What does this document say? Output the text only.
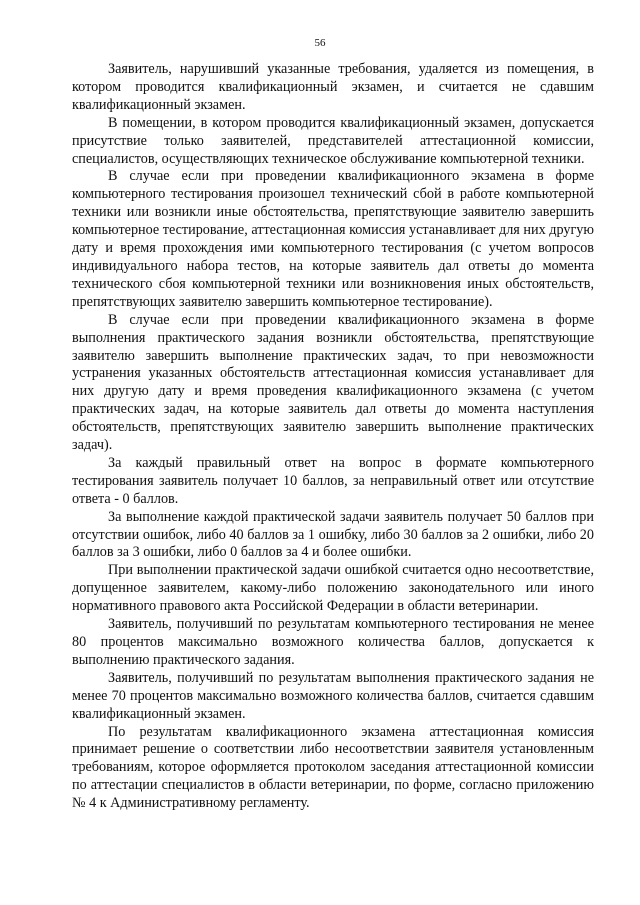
56

Заявитель, нарушивший указанные требования, удаляется из помещения, в котором проводится квалификационный экзамен, и считается не сдавшим квалификационный экзамен.

В помещении, в котором проводится квалификационный экзамен, допускается присутствие только заявителей, представителей аттестационной комиссии, специалистов, осуществляющих техническое обслуживание компьютерной техники.

В случае если при проведении квалификационного экзамена в форме компьютерного тестирования произошел технический сбой в работе компьютерной техники или возникли иные обстоятельства, препятствующие заявителю завершить компьютерное тестирование, аттестационная комиссия устанавливает для них другую дату и время прохождения ими компьютерного тестирования (с учетом вопросов индивидуального набора тестов, на которые заявитель дал ответы до момента технического сбоя компьютерной техники или возникновения иных обстоятельств, препятствующих заявителю завершить компьютерное тестирование).

В случае если при проведении квалификационного экзамена в форме выполнения практического задания возникли обстоятельства, препятствующие заявителю завершить выполнение практических задач, то при невозможности устранения указанных обстоятельств аттестационная комиссия устанавливает для них другую дату и время проведения квалификационного экзамена (с учетом практических задач, на которые заявитель дал ответы до момента наступления обстоятельств, препятствующих заявителю завершить выполнение практических задач).

За каждый правильный ответ на вопрос в формате компьютерного тестирования заявитель получает 10 баллов, за неправильный ответ или отсутствие ответа - 0 баллов.

За выполнение каждой практической задачи заявитель получает 50 баллов при отсутствии ошибок, либо 40 баллов за 1 ошибку, либо 30 баллов за 2 ошибки, либо 20 баллов за 3 ошибки, либо 0 баллов за 4 и более ошибки.

При выполнении практической задачи ошибкой считается одно несоответствие, допущенное заявителем, какому-либо положению законодательного или иного нормативного правового акта Российской Федерации в области ветеринарии.

Заявитель, получивший по результатам компьютерного тестирования не менее 80 процентов максимально возможного количества баллов, допускается к выполнению практического задания.

Заявитель, получивший по результатам выполнения практического задания не менее 70 процентов максимально возможного количества баллов, считается сдавшим квалификационный экзамен.

По результатам квалификационного экзамена аттестационная комиссия принимает решение о соответствии либо несоответствии заявителя установленным требованиям, которое оформляется протоколом заседания аттестационной комиссии по аттестации специалистов в области ветеринарии, по форме, согласно приложению № 4 к Административному регламенту.
